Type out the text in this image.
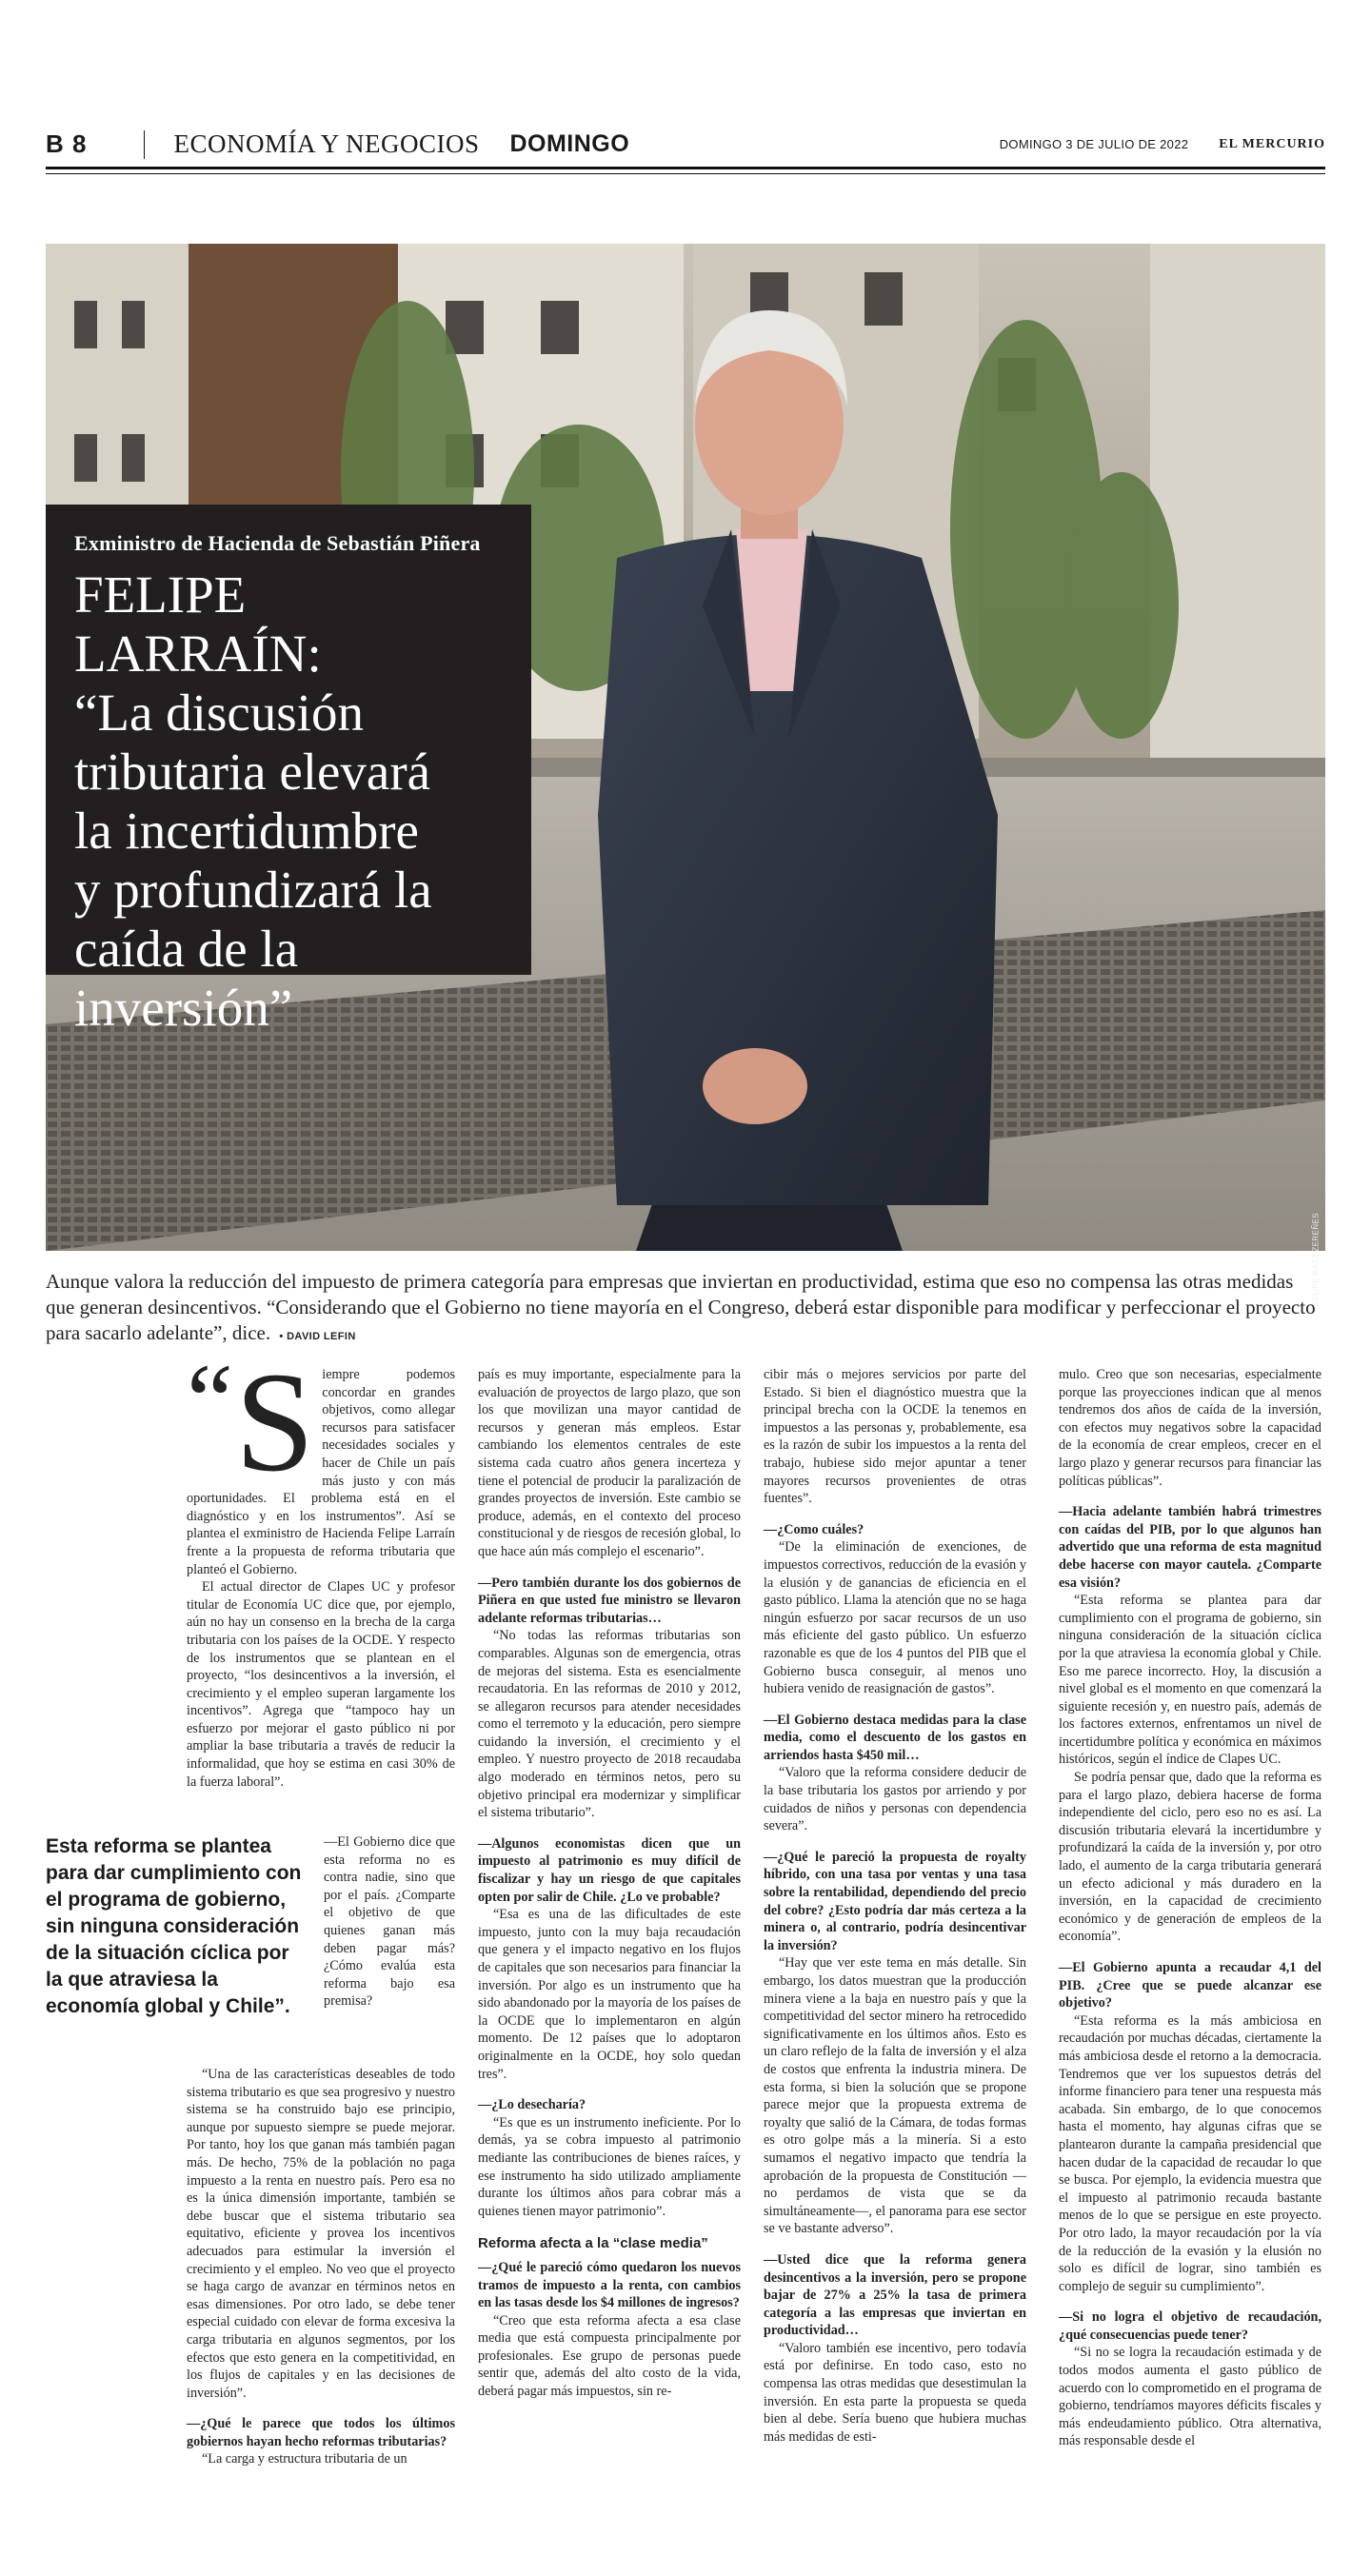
B 8	ECONOMÍA Y NEGOCIOS DOMINGO	DOMINGO 3 DE JULIO DE 2022 EL MERCURIO
FELIPE RAZZ ZEREÑES
Exministro de Hacienda de Sebastián Piñera
FELIPE LARRAÍN:
“La discusión
tributaria elevará
la incertidumbre
y profundizará la
caída de la
inversión”
Aunque valora la reducción del impuesto de primera categoría para empresas que inviertan en productividad, estima que eso no compensa las otras medidas que generan desincentivos. “Considerando que el Gobierno no tiene mayoría en el Congreso, deberá estar disponible para modificar y perfeccionar el proyecto para sacarlo adelante”, dice. • DAVID LEFIN
“ S iempre podemos concordar en grandes objetivos, como allegar recursos para satisfacer necesidades sociales y hacer de Chile un país más justo y con más oportunidades. El problema está en el diagnóstico y en los instrumentos”. Así se plantea el exministro de Hacienda Felipe Larraín frente a la propuesta de reforma tributaria que planteó el Gobierno.

El actual director de Clapes UC y profesor titular de Economía UC dice que, por ejemplo, aún no hay un consenso en la brecha de la carga tributaria con los países de la OCDE. Y respecto de los instrumentos que se plantean en el proyecto, “los desincentivos a la inversión, el crecimiento y el empleo superan largamente los incentivos”. Agrega que “tampoco hay un esfuerzo por mejorar el gasto público ni por ampliar la base tributaria a través de reducir la informalidad, que hoy se estima en casi 30% de la fuerza laboral”.

Esta reforma se plantea para dar cumplimiento con el programa de gobierno, sin ninguna consideración de la situación cíclica por la que atraviesa la economía global y Chile”.

—El Gobierno dice que esta reforma no es contra nadie, sino que por el país. ¿Comparte el objetivo de que quienes ganan más deben pagar más? ¿Cómo evalúa esta reforma bajo esa premisa?

“Una de las características deseables de todo sistema tributario es que sea progresivo y nuestro sistema se ha construido bajo ese principio, aunque por supuesto siempre se puede mejorar. Por tanto, hoy los que ganan más también pagan más. De hecho, 75% de la población no paga impuesto a la renta en nuestro país. Pero esa no es la única dimensión importante, también se debe buscar que el sistema tributario sea equitativo, eficiente y provea los incentivos adecuados para estimular la inversión el crecimiento y el empleo. No veo que el proyecto se haga cargo de avanzar en términos netos en esas dimensiones. Por otro lado, se debe tener especial cuidado con elevar de forma excesiva la carga tributaria en algunos segmentos, por los efectos que esto genera en la competitividad, en los flujos de capitales y en las decisiones de inversión”.

—¿Qué le parece que todos los últimos gobiernos hayan hecho reformas tributarias?

“La carga y estructura tributaria de un

país es muy importante, especialmente para la evaluación de proyectos de largo plazo, que son los que movilizan una mayor cantidad de recursos y generan más empleos. Estar cambiando los elementos centrales de este sistema cada cuatro años genera incerteza y tiene el potencial de producir la paralización de grandes proyectos de inversión. Este cambio se produce, además, en el contexto del proceso constitucional y de riesgos de recesión global, lo que hace aún más complejo el escenario”.

—Pero también durante los dos gobiernos de Piñera en que usted fue ministro se llevaron adelante reformas tributarias…

“No todas las reformas tributarias son comparables. Algunas son de emergencia, otras de mejoras del sistema. Esta es esencialmente recaudatoria. En las reformas de 2010 y 2012, se allegaron recursos para atender necesidades como el terremoto y la educación, pero siempre cuidando la inversión, el crecimiento y el empleo. Y nuestro proyecto de 2018 recaudaba algo moderado en términos netos, pero su objetivo principal era modernizar y simplificar el sistema tributario”.

—Algunos economistas dicen que un impuesto al patrimonio es muy difícil de fiscalizar y hay un riesgo de que capitales opten por salir de Chile. ¿Lo ve probable?

“Esa es una de las dificultades de este impuesto, junto con la muy baja recaudación que genera y el impacto negativo en los flujos de capitales que son necesarios para financiar la inversión. Por algo es un instrumento que ha sido abandonado por la mayoría de los países de la OCDE que lo implementaron en algún momento. De 12 países que lo adoptaron originalmente en la OCDE, hoy solo quedan tres”.

—¿Lo desecharía?

“Es que es un instrumento ineficiente. Por lo demás, ya se cobra impuesto al patrimonio mediante las contribuciones de bienes raíces, y ese instrumento ha sido utilizado ampliamente durante los últimos años para cobrar más a quienes tienen mayor patrimonio”.

Reforma afecta a la “clase media”

—¿Qué le pareció cómo quedaron los nuevos tramos de impuesto a la renta, con cambios en las tasas desde los $4 millones de ingresos?

“Creo que esta reforma afecta a esa clase media que está compuesta principalmente por profesionales. Ese grupo de personas puede sentir que, además del alto costo de la vida, deberá pagar más impuestos, sin re-

cibir más o mejores servicios por parte del Estado. Si bien el diagnóstico muestra que la principal brecha con la OCDE la tenemos en impuestos a las personas y, probablemente, esa es la razón de subir los impuestos a la renta del trabajo, hubiese sido mejor apuntar a tener mayores recursos provenientes de otras fuentes”.

—¿Como cuáles?

“De la eliminación de exenciones, de impuestos correctivos, reducción de la evasión y la elusión y de ganancias de eficiencia en el gasto público. Llama la atención que no se haga ningún esfuerzo por sacar recursos de un uso más eficiente del gasto público. Un esfuerzo razonable es que de los 4 puntos del PIB que el Gobierno busca conseguir, al menos uno hubiera venido de reasignación de gastos”.

—El Gobierno destaca medidas para la clase media, como el descuento de los gastos en arriendos hasta $450 mil…

“Valoro que la reforma considere deducir de la base tributaria los gastos por arriendo y por cuidados de niños y personas con dependencia severa”.

—¿Qué le pareció la propuesta de royalty híbrido, con una tasa por ventas y una tasa sobre la rentabilidad, dependiendo del precio del cobre? ¿Esto podría dar más certeza a la minera o, al contrario, podría desincentivar la inversión?

“Hay que ver este tema en más detalle. Sin embargo, los datos muestran que la producción minera viene a la baja en nuestro país y que la competitividad del sector minero ha retrocedido significativamente en los últimos años. Esto es un claro reflejo de la falta de inversión y el alza de costos que enfrenta la industria minera. De esta forma, si bien la solución que se propone parece mejor que la propuesta extrema de royalty que salió de la Cámara, de todas formas es otro golpe más a la minería. Si a esto sumamos el negativo impacto que tendría la aprobación de la propuesta de Constitución —no perdamos de vista que se da simultáneamente—, el panorama para ese sector se ve bastante adverso”.

—Usted dice que la reforma genera desincentivos a la inversión, pero se propone bajar de 27% a 25% la tasa de primera categoría a las empresas que inviertan en productividad…

“Valoro también ese incentivo, pero todavía está por definirse. En todo caso, esto no compensa las otras medidas que desestimulan la inversión. En esta parte la propuesta se queda bien al debe. Sería bueno que hubiera muchas más medidas de esti-

mulo. Creo que son necesarias, especialmente porque las proyecciones indican que al menos tendremos dos años de caída de la inversión, con efectos muy negativos sobre la capacidad de la economía de crear empleos, crecer en el largo plazo y generar recursos para financiar las políticas públicas”.

—Hacia adelante también habrá trimestres con caídas del PIB, por lo que algunos han advertido que una reforma de esta magnitud debe hacerse con mayor cautela. ¿Comparte esa visión?

“Esta reforma se plantea para dar cumplimiento con el programa de gobierno, sin ninguna consideración de la situación cíclica por la que atraviesa la economía global y Chile. Eso me parece incorrecto. Hoy, la discusión a nivel global es el momento en que comenzará la siguiente recesión y, en nuestro país, además de los factores externos, enfrentamos un nivel de incertidumbre política y económica en máximos históricos, según el índice de Clapes UC.

Se podría pensar que, dado que la reforma es para el largo plazo, debiera hacerse de forma independiente del ciclo, pero eso no es así. La discusión tributaria elevará la incertidumbre y profundizará la caída de la inversión y, por otro lado, el aumento de la carga tributaria generará un efecto adicional y más duradero en la inversión, en la capacidad de crecimiento económico y de generación de empleos de la economía”.

—El Gobierno apunta a recaudar 4,1 del PIB. ¿Cree que se puede alcanzar ese objetivo?

“Esta reforma es la más ambiciosa en recaudación por muchas décadas, ciertamente la más ambiciosa desde el retorno a la democracia. Tendremos que ver los supuestos detrás del informe financiero para tener una respuesta más acabada. Sin embargo, de lo que conocemos hasta el momento, hay algunas cifras que se plantearon durante la campaña presidencial que hacen dudar de la capacidad de recaudar lo que se busca. Por ejemplo, la evidencia muestra que el impuesto al patrimonio recauda bastante menos de lo que se persigue en este proyecto. Por otro lado, la mayor recaudación por la vía de la reducción de la evasión y la elusión no solo es difícil de lograr, sino también es complejo de seguir su cumplimiento”.

—Si no logra el objetivo de recaudación, ¿qué consecuencias puede tener?

“Si no se logra la recaudación estimada y de todos modos aumenta el gasto público de acuerdo con lo comprometido en el programa de gobierno, tendríamos mayores déficits fiscales y más endeudamiento público. Otra alternativa, más responsable desde el
